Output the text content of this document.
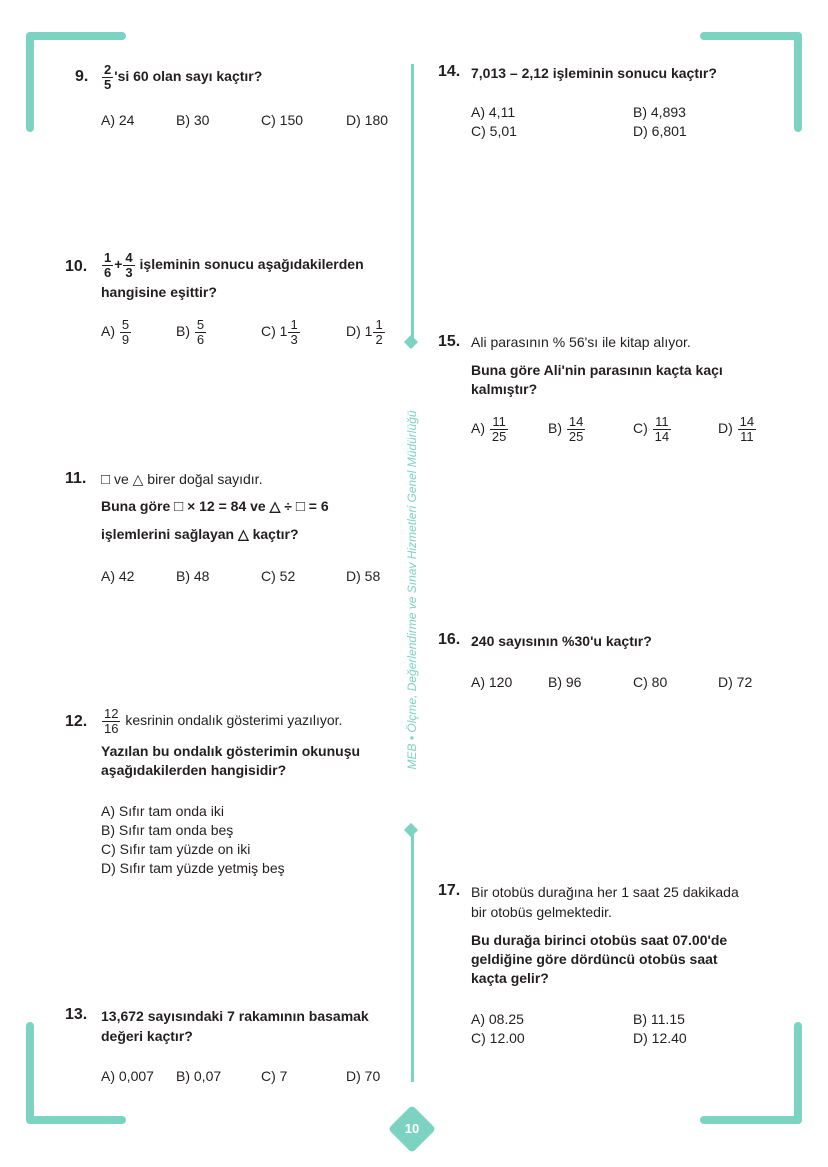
MEB • Ölçme, Değerlendirme ve Sınav Hizmetleri Genel Müdürlüğü
10
9. $\frac{2}{5}$ 'si 60 olan sayı kaçtır?
A) 24	B) 30	C) 150	D) 180
10. $\frac{1}{6} + \frac{4}{3}$ işleminin sonucu aşağıdakilerden
hangisine eşittir?
$A) \frac{5}{9}$	$B) \frac{5}{6}$	C) $1 \frac{1}{3}$	D) $1 \frac{1}{2}$
11. □ ve △ birer doğal sayıdır.
Buna göre □ × 12 = 84 ve △ ÷ □ = 6
işlemlerini sağlayan △ kaçtır?
A) 42	B) 48	C) 52	D) 58
12. $\frac{12}{16}$ kesrinin ondalık gösterimi yazılıyor.
Yazılan bu ondalık gösterimin okunuşu
aşağıdakilerden hangisidir?
A) Sıfır tam onda iki
B) Sıfır tam onda beş
C) Sıfır tam yüzde on iki
D) Sıfır tam yüzde yetmiş beş
13. 13,672 sayısındaki 7 rakamının basamak
değeri kaçtır?
A) 0,007 B) 0,07	C) 7	D) 70
14. 7,013 – 2,12 işleminin sonucu kaçtır?
A) 4,11	B) 4,893
C) 5,01	D) 6,801
15. Ali parasının % 56'sı ile kitap alıyor.
Buna göre Ali'nin parasının kaçta kaçı
kalmıştır?
$A) \frac{11}{25}$	$B) \frac{14}{25}$	$C) \frac{11}{14}$	$D) \frac{14}{11}$
16. 240 sayısının %30'u kaçtır?
A) 120	B) 96	C) 80	D) 72
17. Bir otobüs durağına her 1 saat 25 dakikada
bir otobüs gelmektedir.
Bu durağa birinci otobüs saat 07.00'de
geldiğine göre dördüncü otobüs saat
kaçta gelir?
A) 08.25	B) 11.15
C) 12.00	D) 12.40
